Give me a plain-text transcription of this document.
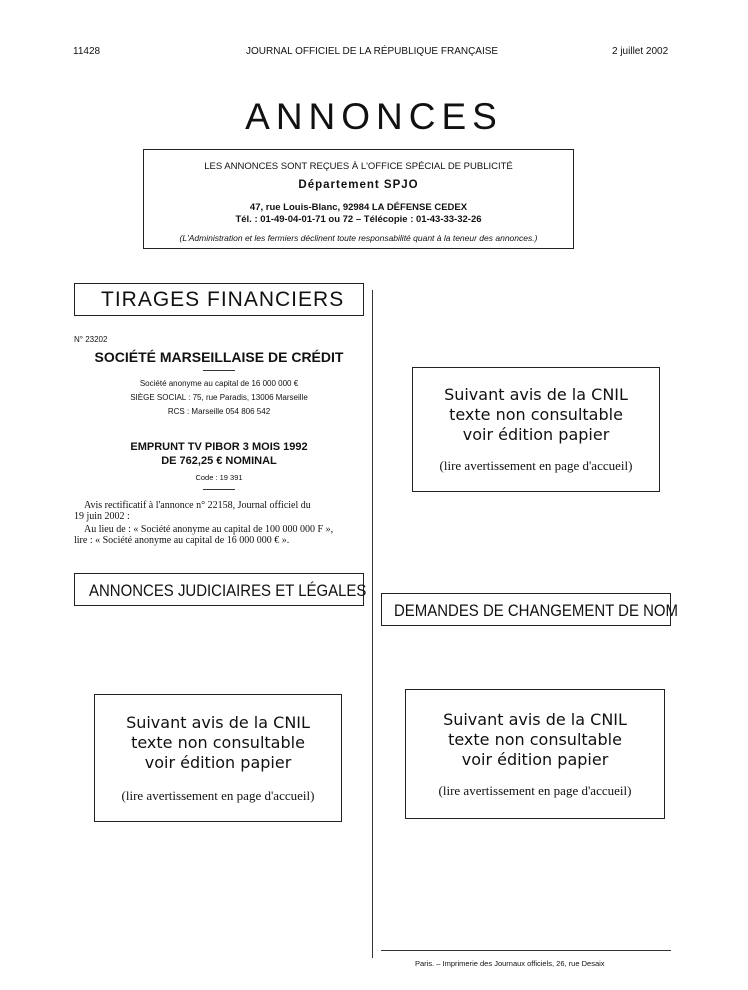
11428	JOURNAL OFFICIEL DE LA RÉPUBLIQUE FRANÇAISE	2 juillet 2002
ANNONCES
LES ANNONCES SONT REÇUES À L'OFFICE SPÉCIAL DE PUBLICITÉ
Département SPJO
47, rue Louis-Blanc, 92984 LA DÉFENSE CEDEX
Tél. : 01-49-04-01-71 ou 72 – Télécopie : 01-43-33-32-26
(L'Administration et les fermiers déclinent toute responsabilité quant à la teneur des annonces.)
TIRAGES FINANCIERS
N° 23202
SOCIÉTÉ MARSEILLAISE DE CRÉDIT
Société anonyme au capital de 16 000 000 €
SIÈGE SOCIAL : 75, rue Paradis, 13006 Marseille
RCS : Marseille 054 806 542
EMPRUNT TV PIBOR 3 MOIS 1992
DE 762,25 € NOMINAL
Code : 19 391
Avis rectificatif à l'annonce n° 22158, Journal officiel du
19 juin 2002 :
Au lieu de : « Société anonyme au capital de 100 000 000 F »,
lire : « Société anonyme au capital de 16 000 000 € ».
ANNONCES JUDICIAIRES ET LÉGALES
Suivant avis de la CNIL
texte non consultable
voir édition papier
(lire avertissement en page d'accueil)
DEMANDES DE CHANGEMENT DE NOM
Suivant avis de la CNIL
texte non consultable
voir édition papier
(lire avertissement en page d'accueil)
Suivant avis de la CNIL
texte non consultable
voir édition papier
(lire avertissement en page d'accueil)
Paris. – Imprimerie des Journaux officiels, 26, rue Desaix
